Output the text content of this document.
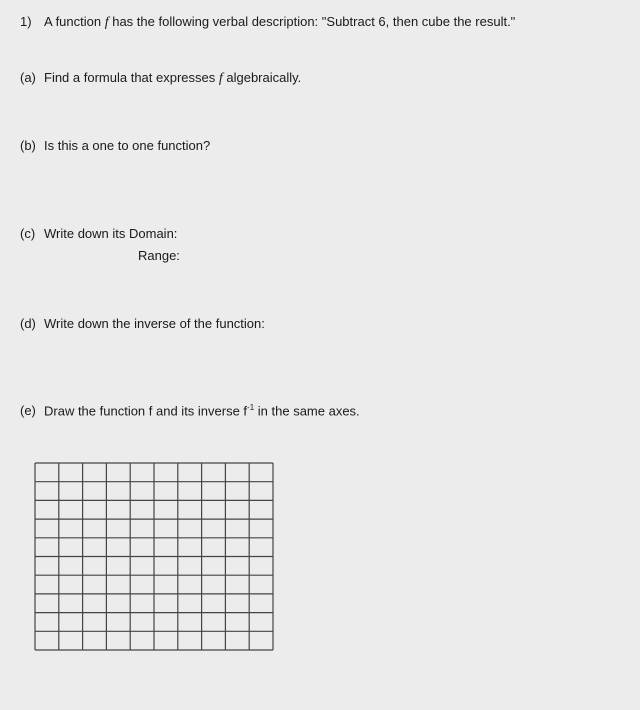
1) A function f has the following verbal description: "Subtract 6, then cube the result."
(a) Find a formula that expresses f algebraically.
(b) Is this a one to one function?
(c) Write down its Domain:
Range:
(d) Write down the inverse of the function:
(e) Draw the function f and its inverse $f^{-1}$ in the same axes.
